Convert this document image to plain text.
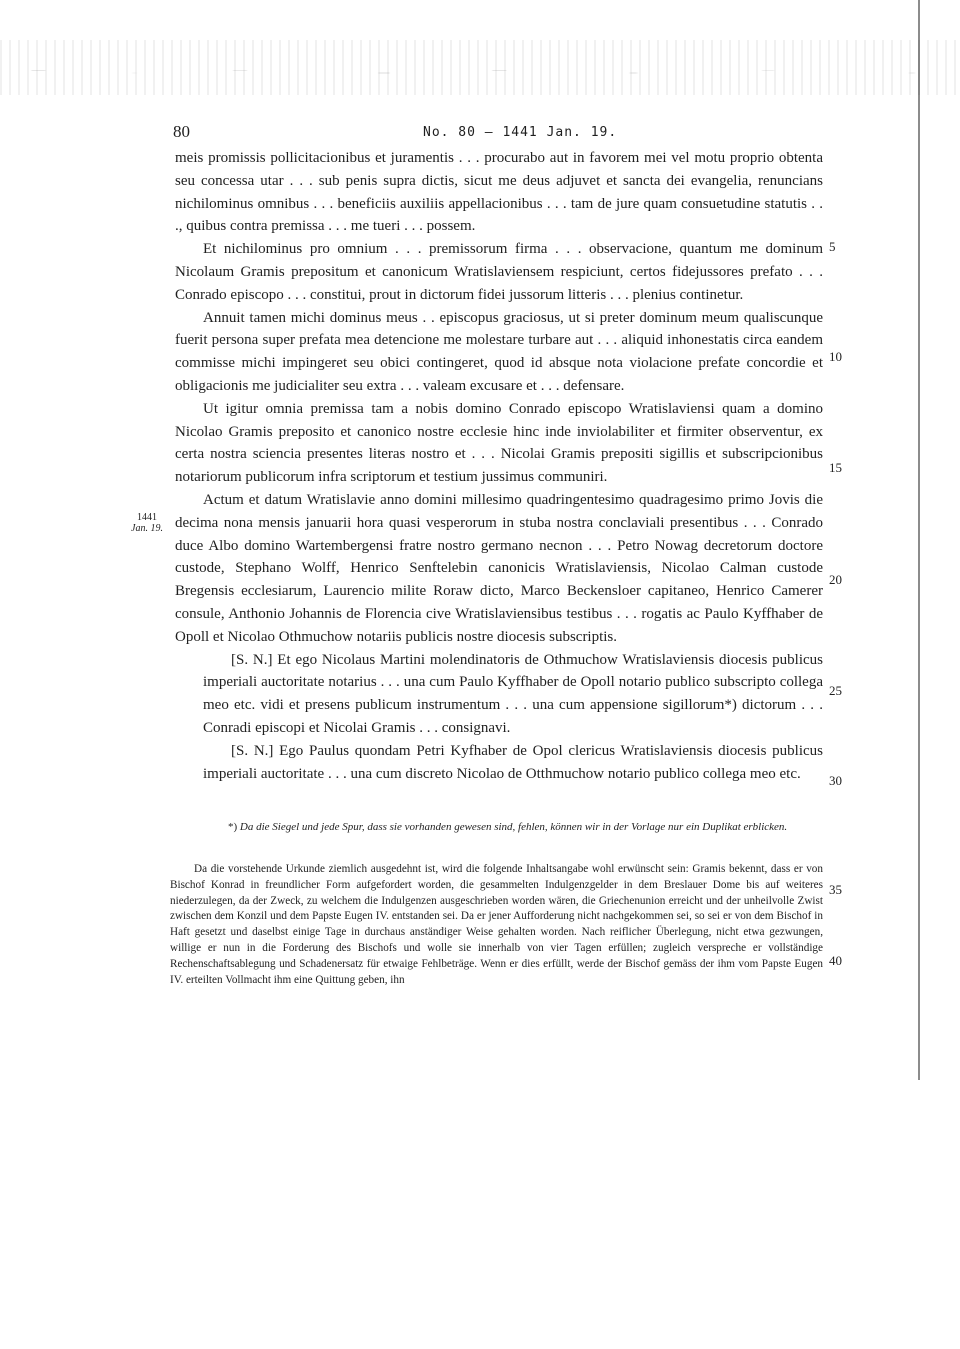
80	No. 80 — 1441 Jan. 19.
1441
Jan. 19.

meis promissis pollicitacionibus et juramentis . . . procurabo aut in favorem mei vel motu proprio obtenta seu concessa utar . . . sub penis supra dictis, sicut me deus adjuvet et sancta dei evangelia, renuncians nichilominus omnibus . . . beneficiis auxiliis appellacionibus . . . tam de jure quam consuetudine statutis . . ., quibus contra premissa . . . me tueri . . . possem.

Et nichilominus pro omnium . . . premissorum firma . . . observacione, quantum me dominum Nicolaum Gramis prepositum et canonicum Wratislaviensem respiciunt, certos fidejussores prefato . . . Conrado episcopo . . . constitui, prout in dictorum fidei jussorum litteris . . . plenius continetur.

Annuit tamen michi dominus meus . . episcopus graciosus, ut si preter dominum meum qualiscunque fuerit persona super prefata mea detencione me molestare turbare aut . . . aliquid inhonestatis circa eandem commisse michi impingeret seu obici contingeret, quod id absque nota violacione prefate concordie et obligacionis me judicialiter seu extra . . . valeam excusare et . . . defensare.

Ut igitur omnia premissa tam a nobis domino Conrado episcopo Wratislaviensi quam a domino Nicolao Gramis preposito et canonico nostre ecclesie hinc inde inviolabiliter et firmiter observentur, ex certa nostra sciencia presentes literas nostro et . . . Nicolai Gramis prepositi sigillis et subscripcionibus notariorum publicorum infra scriptorum et testium jussimus communiri.

Actum et datum Wratislavie anno domini millesimo quadringentesimo quadragesimo primo Jovis die decima nona mensis januarii hora quasi vesperorum in stuba nostra conclaviali presentibus . . . Conrado duce Albo domino Wartembergensi fratre nostro germano necnon . . . Petro Nowag decretorum doctore custode, Stephano Wolff, Henrico Senftelebin canonicis Wratislaviensis, Nicolao Calman custode Bregensis ecclesiarum, Laurencio milite Roraw dicto, Marco Beckensloer capitaneo, Henrico Camerer consule, Anthonio Johannis de Florencia cive Wratislaviensibus testibus . . . rogatis ac Paulo Kyffhaber de Opoll et Nicolao Othmuchow notariis publicis nostre diocesis subscriptis.

[S. N.] Et ego Nicolaus Martini molendinatoris de Othmuchow Wratislaviensis diocesis publicus imperiali auctoritate notarius . . . una cum Paulo Kyffhaber de Opoll notario publico subscripto collega meo etc. vidi et presens publicum instrumentum . . . una cum appensione sigillorum*) dictorum . . . Conradi episcopi et Nicolai Gramis . . . consignavi.

[S. N.] Ego Paulus quondam Petri Kyfhaber de Opol clericus Wratislaviensis diocesis publicus imperiali auctoritate . . . una cum discreto Nicolao de Otthmuchow notario publico collega meo etc.

*) Da die Siegel und jede Spur, dass sie vorhanden gewesen sind, fehlen, können wir in der Vorlage nur ein Duplikat erblicken.

Da die vorstehende Urkunde ziemlich ausgedehnt ist, wird die folgende Inhaltsangabe wohl erwünscht sein: Gramis bekennt, dass er von Bischof Konrad in freundlicher Form aufgefordert worden, die gesammelten Indulgenzgelder in dem Breslauer Dome bis auf weiteres niederzulegen, da der Zweck, zu welchem die Indulgenzen ausgeschrieben worden wären, die Griechenunion erreicht und der unheilvolle Zwist zwischen dem Konzil und dem Papste Eugen IV. entstanden sei. Da er jener Aufforderung nicht nachgekommen sei, so sei er von dem Bischof in Haft gesetzt und daselbst einige Tage in durchaus anständiger Weise gehalten worden. Nach reiflicher Überlegung, nicht etwa gezwungen, willige er nun in die Forderung des Bischofs und wolle sie innerhalb von vier Tagen erfüllen; zugleich verspreche er vollständige Rechenschaftsablegung und Schadenersatz für etwaige Fehlbeträge. Wenn er dies erfüllt, werde der Bischof gemäss der ihm vom Papste Eugen IV. erteilten Vollmacht ihm eine Quittung geben, ihn

5
10
15
20
25
30
35
40
